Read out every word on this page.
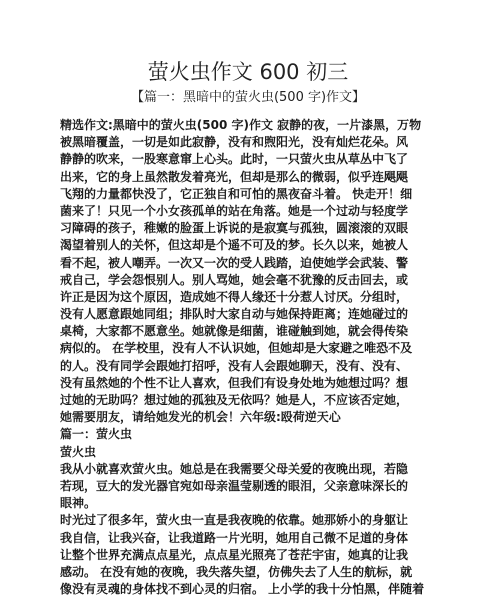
萤火虫作文 600 初三
【篇一：黑暗中的萤火虫(500 字)作文】
精选作文:黑暗中的萤火虫(500 字)作文 寂静的夜，一片漆黑，万物
被黑暗覆盖，一切是如此寂静，没有和煦阳光，没有灿烂花朵。风
静静的吹来，一股寒意窜上心头。此时，一只萤火虫从草丛中飞了
出来，它的身上虽然散发着亮光，但却是那么的微弱，似乎连飓飓
飞翔的力量都快没了，它正独自和可怕的黑夜奋斗着。 快走开！细
菌来了！只见一个小女孩孤单的站在角落。她是一个过动与轻度学
习障碍的孩子，稚嫩的脸蛋上诉说的是寂寞与孤独，圆滚滚的双眼
渴望着别人的关怀，但这却是个遥不可及的梦。长久以来，她被人
看不起，被人嘲弄。一次又一次的受人践踏，迫使她学会武装、警
戒自己，学会怨恨别人。别人骂她，她会毫不犹豫的反击回去，或
许正是因为这个原因，造成她不得人缘还十分惹人讨厌。分组时，
没有人愿意跟她同组；排队时大家自动与她保持距离；连她碰过的
桌椅，大家都不愿意坐。她就像是细菌，谁碰触到她，就会得传染
病似的。 在学校里，没有人不认识她，但她却是大家避之唯恐不及
的人。没有同学会跟她打招呼，没有人会跟她聊天，没有、没有、
没有虽然她的个性不让人喜欢，但我们有设身处地为她想过吗？想
过她的无助吗？想过她的孤独及无依吗？她是人，不应该否定她，
她需要朋友，请给她发光的机会！六年级:殴荷逆天心
篇一：萤火虫
萤火虫
我从小就喜欢萤火虫。她总是在我需要父母关爱的夜晚出现，若隐
若现，豆大的发光器官宛如母亲温莹剔透的眼泪，父亲意味深长的
眼神。
时光过了很多年，萤火虫一直是我夜晚的依靠。她那娇小的身躯让
我自信，让我兴奋，让我道路一片光明，她用自己微不足道的身体
让整个世界充满点点星光，点点星光照亮了苍茫宇宙，她真的让我
感动。 在没有她的夜晚，我失落失望，仿佛失去了人生的航标，就
像没有灵魂的身体找不到心灵的归宿。 上小学的我十分怕黑，伴随着
